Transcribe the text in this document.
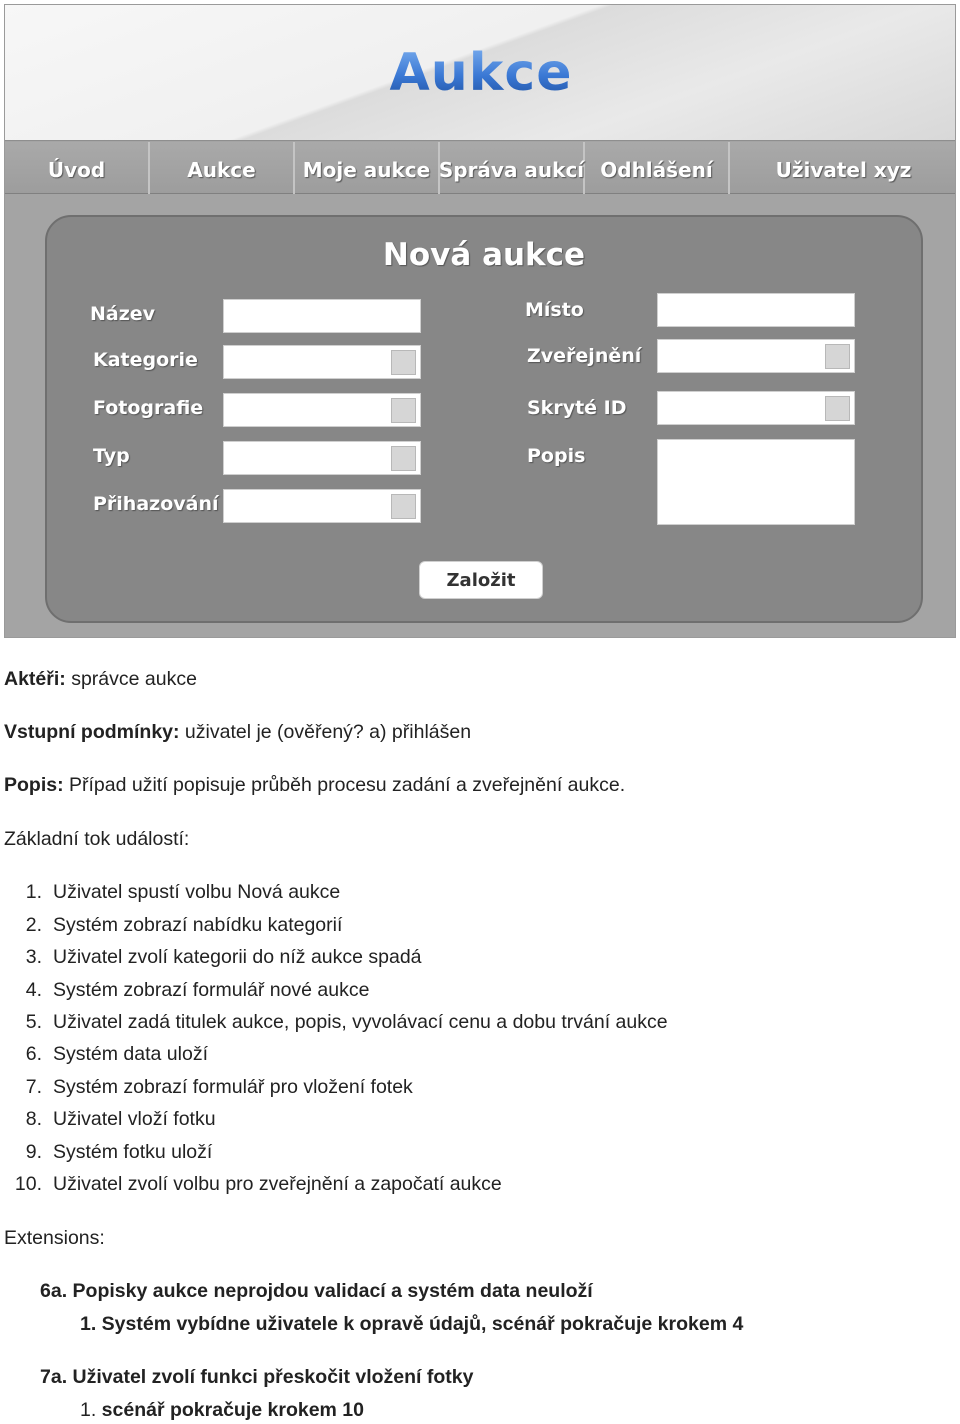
Aukce
Úvod	Aukce	Moje aukce Správa aukcí Odhlášení	Uživatel xyz
Nová aukce
Název
Kategorie
Fotografie
Typ
Přihazování
Místo
Zveřejnění
Skryté ID
Popis
Založit
Aktéři: správce aukce
Vstupní podmínky: uživatel je (ověřený? a) přihlášen
Popis: Případ užití popisuje průběh procesu zadání a zveřejnění aukce.
Základní tok událostí:
1. Uživatel spustí volbu Nová aukce
2. Systém zobrazí nabídku kategorií
3. Uživatel zvolí kategorii do níž aukce spadá
4. Systém zobrazí formulář nové aukce
5. Uživatel zadá titulek aukce, popis, vyvolávací cenu a dobu trvání aukce
6. Systém data uloží
7. Systém zobrazí formulář pro vložení fotek
8. Uživatel vloží fotku
9. Systém fotku uloží
10. Uživatel zvolí volbu pro zveřejnění a započatí aukce
Extensions:
6a. Popisky aukce neprojdou validací a systém data neuloží
1. Systém vybídne uživatele k opravě údajů, scénář pokračuje krokem 4
7a. Uživatel zvolí funkci přeskočit vložení fotky
1. scénář pokračuje krokem 10
